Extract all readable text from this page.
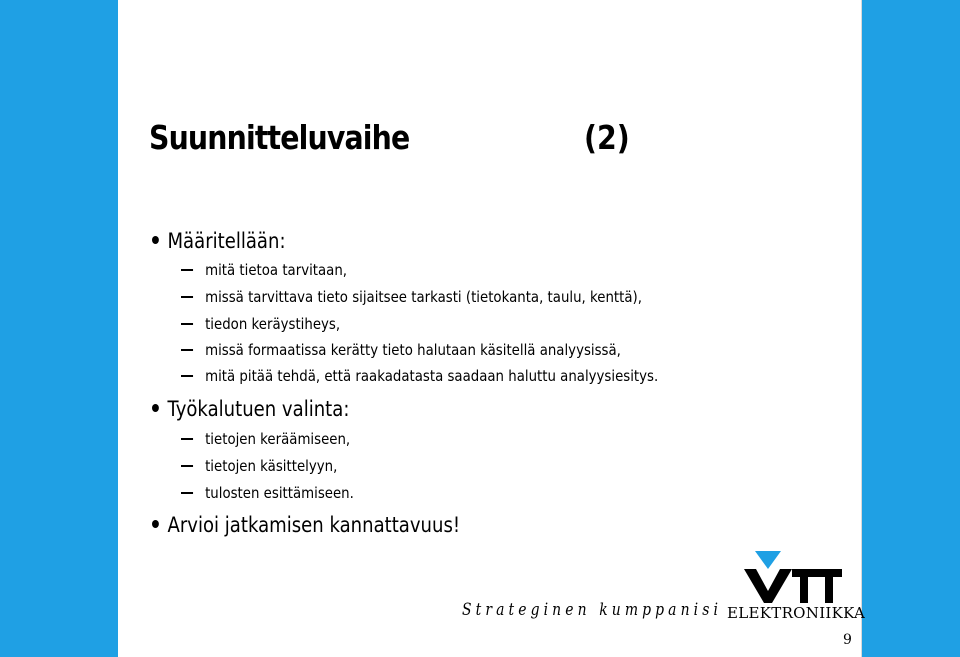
Suunnitteluvaihe	(2)
Määritellään:
mitä tietoa tarvitaan,
missä tarvittava tieto sijaitsee tarkasti (tietokanta, taulu, kenttä),
tiedon keräystiheys,
missä formaatissa kerätty tieto halutaan käsitellä analyysissä,
mitä pitää tehdä, että raakadatasta saadaan haluttu analyysiesitys.
Työkalutuen valinta:
tietojen keräämiseen,
tietojen käsittelyyn,
tulosten esittämiseen.
Arvioi jatkamisen kannattavuus!
Strateginen kumppanisi ELEKTRONIIKKA
9
